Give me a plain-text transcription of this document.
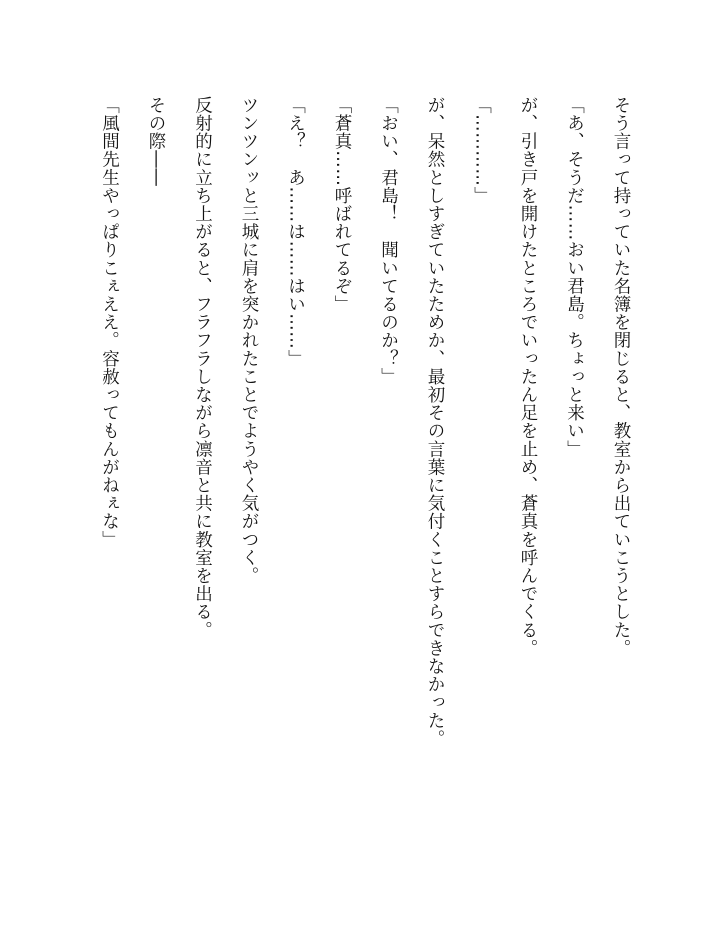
そう言って持っていた名簿を閉じると、教室から出ていこうとした。

「あ、そうだ……おい君島。ちょっと来い」

が、引き戸を開けたところでいったん足を止め、蒼真を呼んでくる。

「…………」

が、呆然としすぎていたためか、最初その言葉に気付くことすらできなかった。

「おい、君島！　聞いてるのか？」

「蒼真……呼ばれてるぞ」

「え？　あ……は……はい……」

ツンツンッと三城に肩を突かれたことでようやく気がつく。

反射的に立ち上がると、フラフラしながら凛音と共に教室を出る。

その際――

「風間先生やっぱりこぇええ。容赦ってもんがねぇな」
